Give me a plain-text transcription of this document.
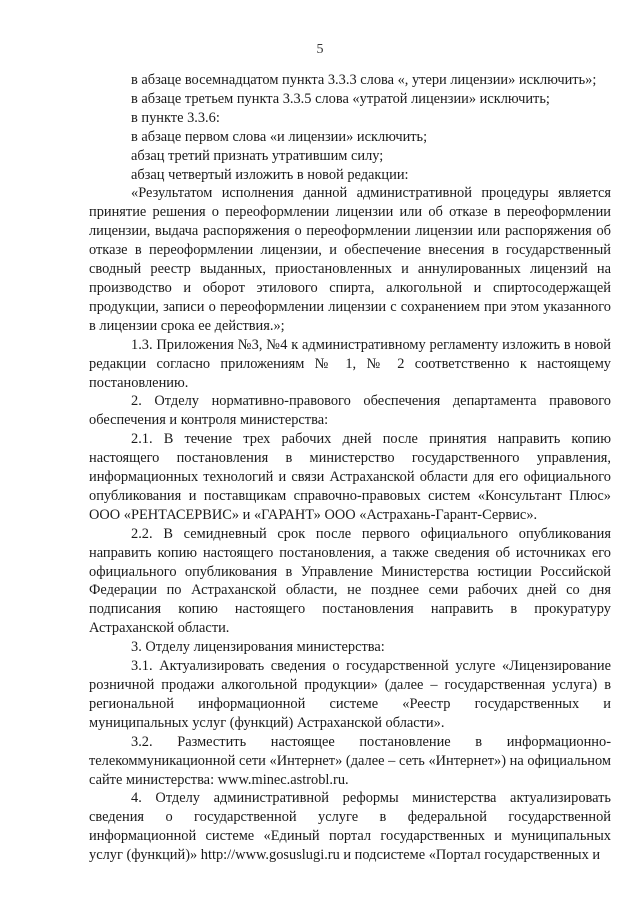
5

в абзаце восемнадцатом пункта 3.3.3 слова «, утери лицензии» исключить»;

в абзаце третьем пункта 3.3.5 слова «утратой лицензии» исключить;

в пункте 3.3.6:

в абзаце первом слова «и лицензии» исключить;

абзац третий признать утратившим силу;

абзац четвертый изложить в новой редакции:

«Результатом исполнения данной административной процедуры является принятие решения о переоформлении лицензии или об отказе в переоформлении лицензии, выдача распоряжения о переоформлении лицензии или распоряжения об отказе в переоформлении лицензии, и обеспечение внесения в государственный сводный реестр выданных, приостановленных и аннулированных лицензий на производство и оборот этилового спирта, алкогольной и спиртосодержащей продукции, записи о переоформлении лицензии с сохранением при этом указанного в лицензии срока ее действия.»;

1.3. Приложения №3, №4 к административному регламенту изложить в новой редакции согласно приложениям № 1, № 2 соответственно к настоящему постановлению.

2. Отделу нормативно-правового обеспечения департамента правового обеспечения и контроля министерства:

2.1. В течение трех рабочих дней после принятия направить копию настоящего постановления в министерство государственного управления, информационных технологий и связи Астраханской области для его официального опубликования и поставщикам справочно-правовых систем «Консультант Плюс» ООО «РЕНТАСЕРВИС» и «ГАРАНТ» ООО «Астрахань-Гарант-Сервис».

2.2. В семидневный срок после первого официального опубликования направить копию настоящего постановления, а также сведения об источниках его официального опубликования в Управление Министерства юстиции Российской Федерации по Астраханской области, не позднее семи рабочих дней со дня подписания копию настоящего постановления направить в прокуратуру Астраханской области.

3. Отделу лицензирования министерства:

3.1. Актуализировать сведения о государственной услуге «Лицензирование розничной продажи алкогольной продукции» (далее – государственная услуга) в региональной информационной системе «Реестр государственных и муниципальных услуг (функций) Астраханской области».

3.2. Разместить настоящее постановление в информационно-телекоммуникационной сети «Интернет» (далее – сеть «Интернет») на официальном сайте министерства: www.minec.astrobl.ru.

4. Отделу административной реформы министерства актуализировать сведения о государственной услуге в федеральной государственной информационной системе «Единый портал государственных и муниципальных услуг (функций)» http://www.gosuslugi.ru и подсистеме «Портал государственных и
